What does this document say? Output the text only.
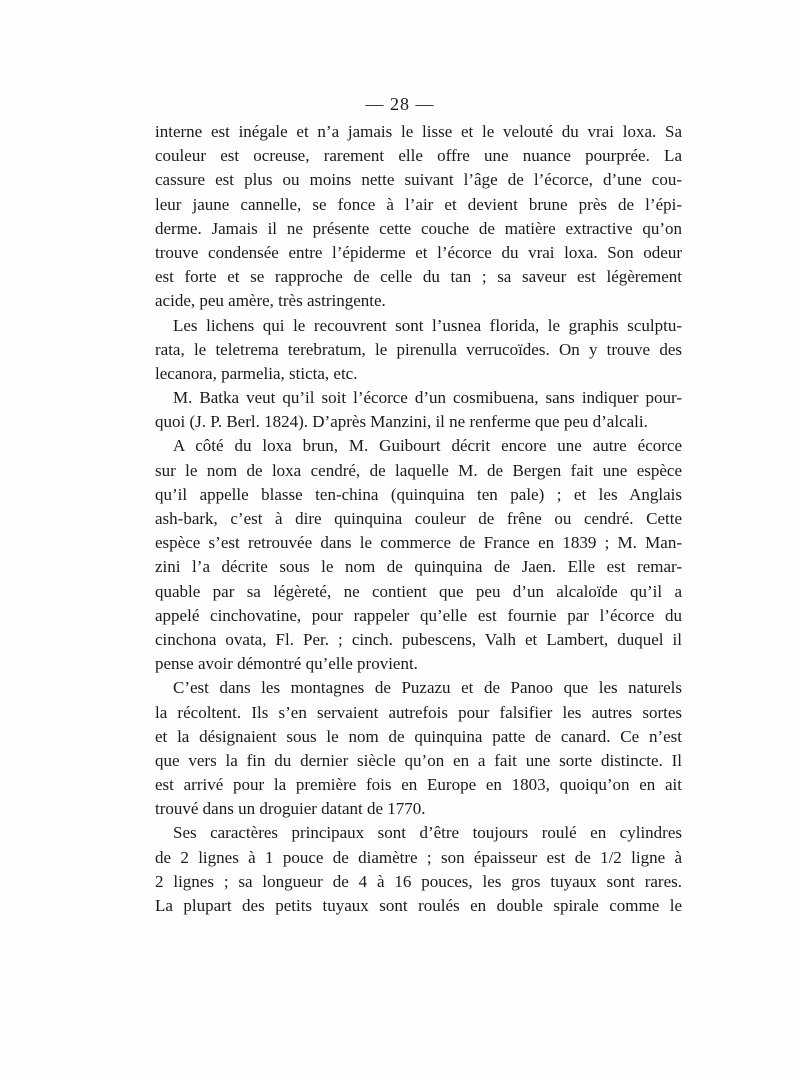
— 28 —
interne est inégale et n’a jamais le lisse et le velouté du vrai loxa. Sa
couleur est ocreuse, rarement elle offre une nuance pourprée. La
cassure est plus ou moins nette suivant l’âge de l’écorce, d’une cou-
leur jaune cannelle, se fonce à l’air et devient brune près de l’épi-
derme. Jamais il ne présente cette couche de matière extractive qu’on
trouve condensée entre l’épiderme et l’écorce du vrai loxa. Son odeur
est forte et se rapproche de celle du tan ; sa saveur est légèrement
acide, peu amère, très astringente.
Les lichens qui le recouvrent sont l’usnea florida, le graphis sculptu-
rata, le teletrema terebratum, le pirenulla verrucoïdes. On y trouve des
lecanora, parmelia, sticta, etc.
M. Batka veut qu’il soit l’écorce d’un cosmibuena, sans indiquer pour-
quoi (J. P. Berl. 1824). D’après Manzini, il ne renferme que peu d’alcali.
A côté du loxa brun, M. Guibourt décrit encore une autre écorce
sur le nom de loxa cendré, de laquelle M. de Bergen fait une espèce
qu’il appelle blasse ten-china (quinquina ten pale) ; et les Anglais
ash-bark, c’est à dire quinquina couleur de frêne ou cendré. Cette
espèce s’est retrouvée dans le commerce de France en 1839 ; M. Man-
zini l’a décrite sous le nom de quinquina de Jaen. Elle est remar-
quable par sa légèreté, ne contient que peu d’un alcaloïde qu’il a
appelé cinchovatine, pour rappeler qu’elle est fournie par l’écorce du
cinchona ovata, Fl. Per. ; cinch. pubescens, Valh et Lambert, duquel il
pense avoir démontré qu’elle provient.
C’est dans les montagnes de Puzazu et de Panoo que les naturels
la récoltent. Ils s’en servaient autrefois pour falsifier les autres sortes
et la désignaient sous le nom de quinquina patte de canard. Ce n’est
que vers la fin du dernier siècle qu’on en a fait une sorte distincte. Il
est arrivé pour la première fois en Europe en 1803, quoiqu’on en ait
trouvé dans un droguier datant de 1770.
Ses caractères principaux sont d’être toujours roulé en cylindres
de 2 lignes à 1 pouce de diamètre ; son épaisseur est de 1/2 ligne à
2 lignes ; sa longueur de 4 à 16 pouces, les gros tuyaux sont rares.
La plupart des petits tuyaux sont roulés en double spirale comme le
